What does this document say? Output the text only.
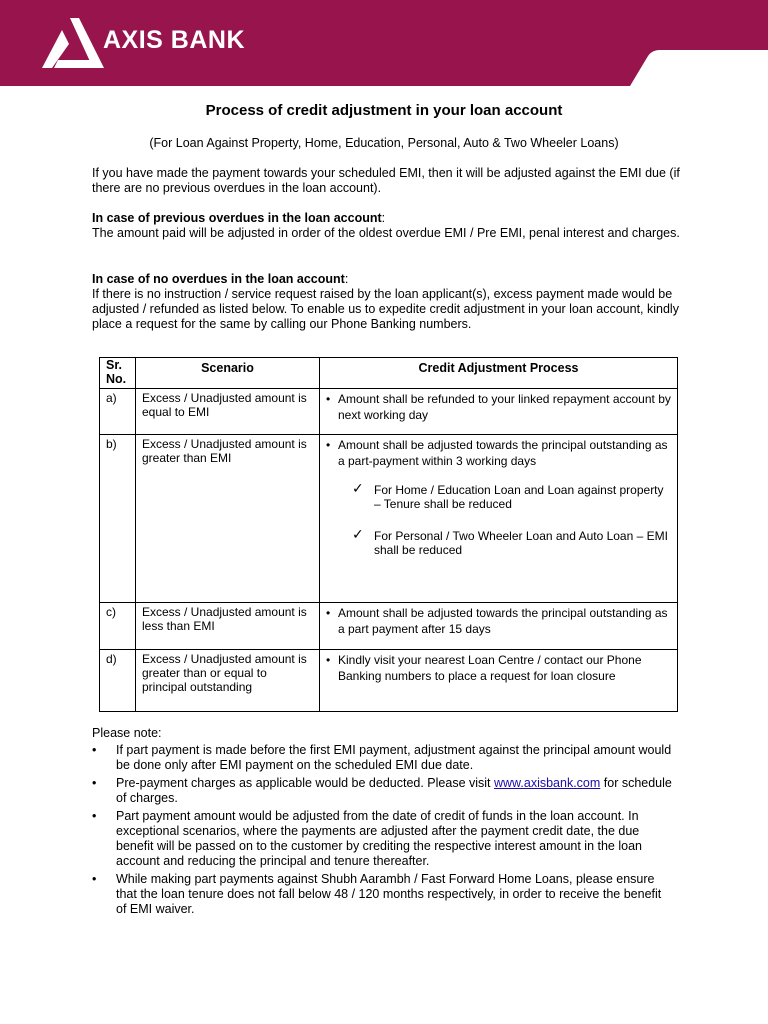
AXIS BANK
Process of credit adjustment in your loan account
(For Loan Against Property, Home, Education, Personal, Auto & Two Wheeler Loans)
If you have made the payment towards your scheduled EMI, then it will be adjusted against the EMI due (if there are no previous overdues in the loan account).
In case of previous overdues in the loan account:
The amount paid will be adjusted in order of the oldest overdue EMI / Pre EMI, penal interest and charges.
In case of no overdues in the loan account:
If there is no instruction / service request raised by the loan applicant(s), excess payment made would be adjusted / refunded as listed below. To enable us to expedite credit adjustment in your loan account, kindly place a request for the same by calling our Phone Banking numbers.
Sr. No.	Scenario	Credit Adjustment Process
a)	Excess / Unadjusted amount is equal to EMI	• Amount shall be refunded to your linked repayment account by next working day

b)	Excess / Unadjusted amount is greater than EMI	• Amount shall be adjusted towards the principal outstanding as a part-payment within 3 working days
✓ For Home / Education Loan and Loan against property – Tenure shall be reduced
✓ For Personal / Two Wheeler Loan and Auto Loan – EMI shall be reduced

c)	Excess / Unadjusted amount is less than EMI	• Amount shall be adjusted towards the principal outstanding as a part payment after 15 days

d)	Excess / Unadjusted amount is greater than or equal to principal outstanding	• Kindly visit your nearest Loan Centre / contact our Phone Banking numbers to place a request for loan closure
Please note:
• If part payment is made before the first EMI payment, adjustment against the principal amount would be done only after EMI payment on the scheduled EMI due date.
• Pre-payment charges as applicable would be deducted. Please visit www.axisbank.com for schedule of charges.
• Part payment amount would be adjusted from the date of credit of funds in the loan account. In exceptional scenarios, where the payments are adjusted after the payment credit date, the due benefit will be passed on to the customer by crediting the respective interest amount in the loan account and reducing the principal and tenure thereafter.
• While making part payments against Shubh Aarambh / Fast Forward Home Loans, please ensure that the loan tenure does not fall below 48 / 120 months respectively, in order to receive the benefit of EMI waiver.
